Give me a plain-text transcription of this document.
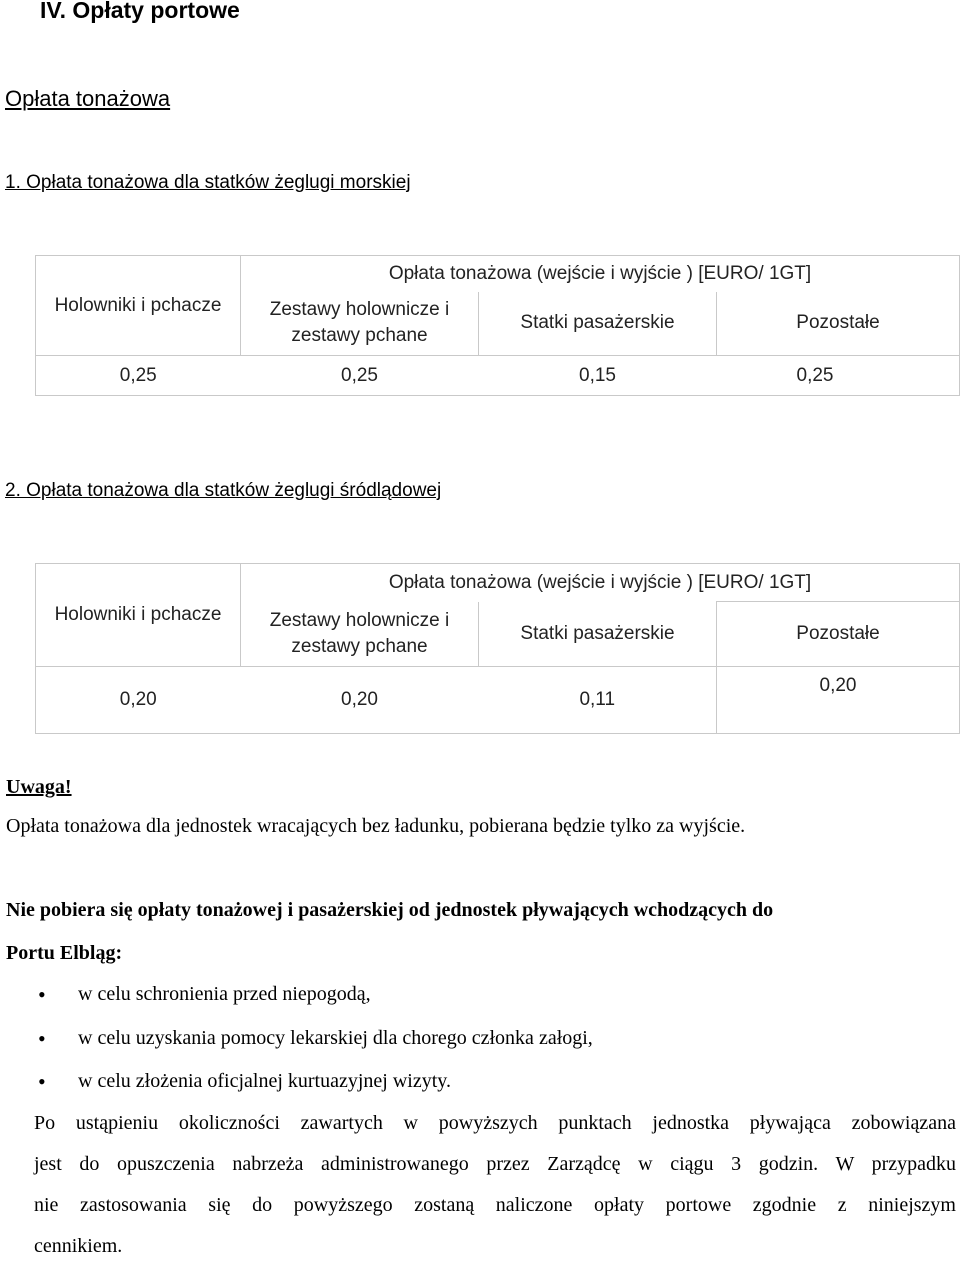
IV. Opłaty portowe
Opłata tonażowa
1. Opłata tonażowa dla statków żeglugi morskiej
Holowniki i pchacze	Opłata tonażowa (wejście i wyjście ) [EURO/ 1GT]		
	Zestawy holownicze i zestawy pchane	Statki pasażerskie	Pozostałe
0,25	0,25	0,15	0,25
2. Opłata tonażowa dla statków żeglugi śródlądowej
Holowniki i pchacze	Opłata tonażowa (wejście i wyjście ) [EURO/ 1GT]		
	Zestawy holownicze i zestawy pchane	Statki pasażerskie	Pozostałe
0,20	0,20	0,11	0,20
Uwaga!
Opłata tonażowa dla jednostek wracających bez ładunku, pobierana będzie tylko za wyjście.
Nie pobiera się opłaty tonażowej i pasażerskiej od jednostek pływających wchodzących do
Portu Elbląg:
• w celu schronienia przed niepogodą,
• w celu uzyskania pomocy lekarskiej dla chorego członka załogi,
• w celu złożenia oficjalnej kurtuazyjnej wizyty.
Po ustąpieniu okoliczności zawartych w powyższych punktach jednostka pływająca zobowiązana
jest do opuszczenia nabrzeża administrowanego przez Zarządcę w ciągu 3 godzin. W przypadku
nie zastosowania się do powyższego zostaną naliczone opłaty portowe zgodnie z niniejszym
cennikiem.
